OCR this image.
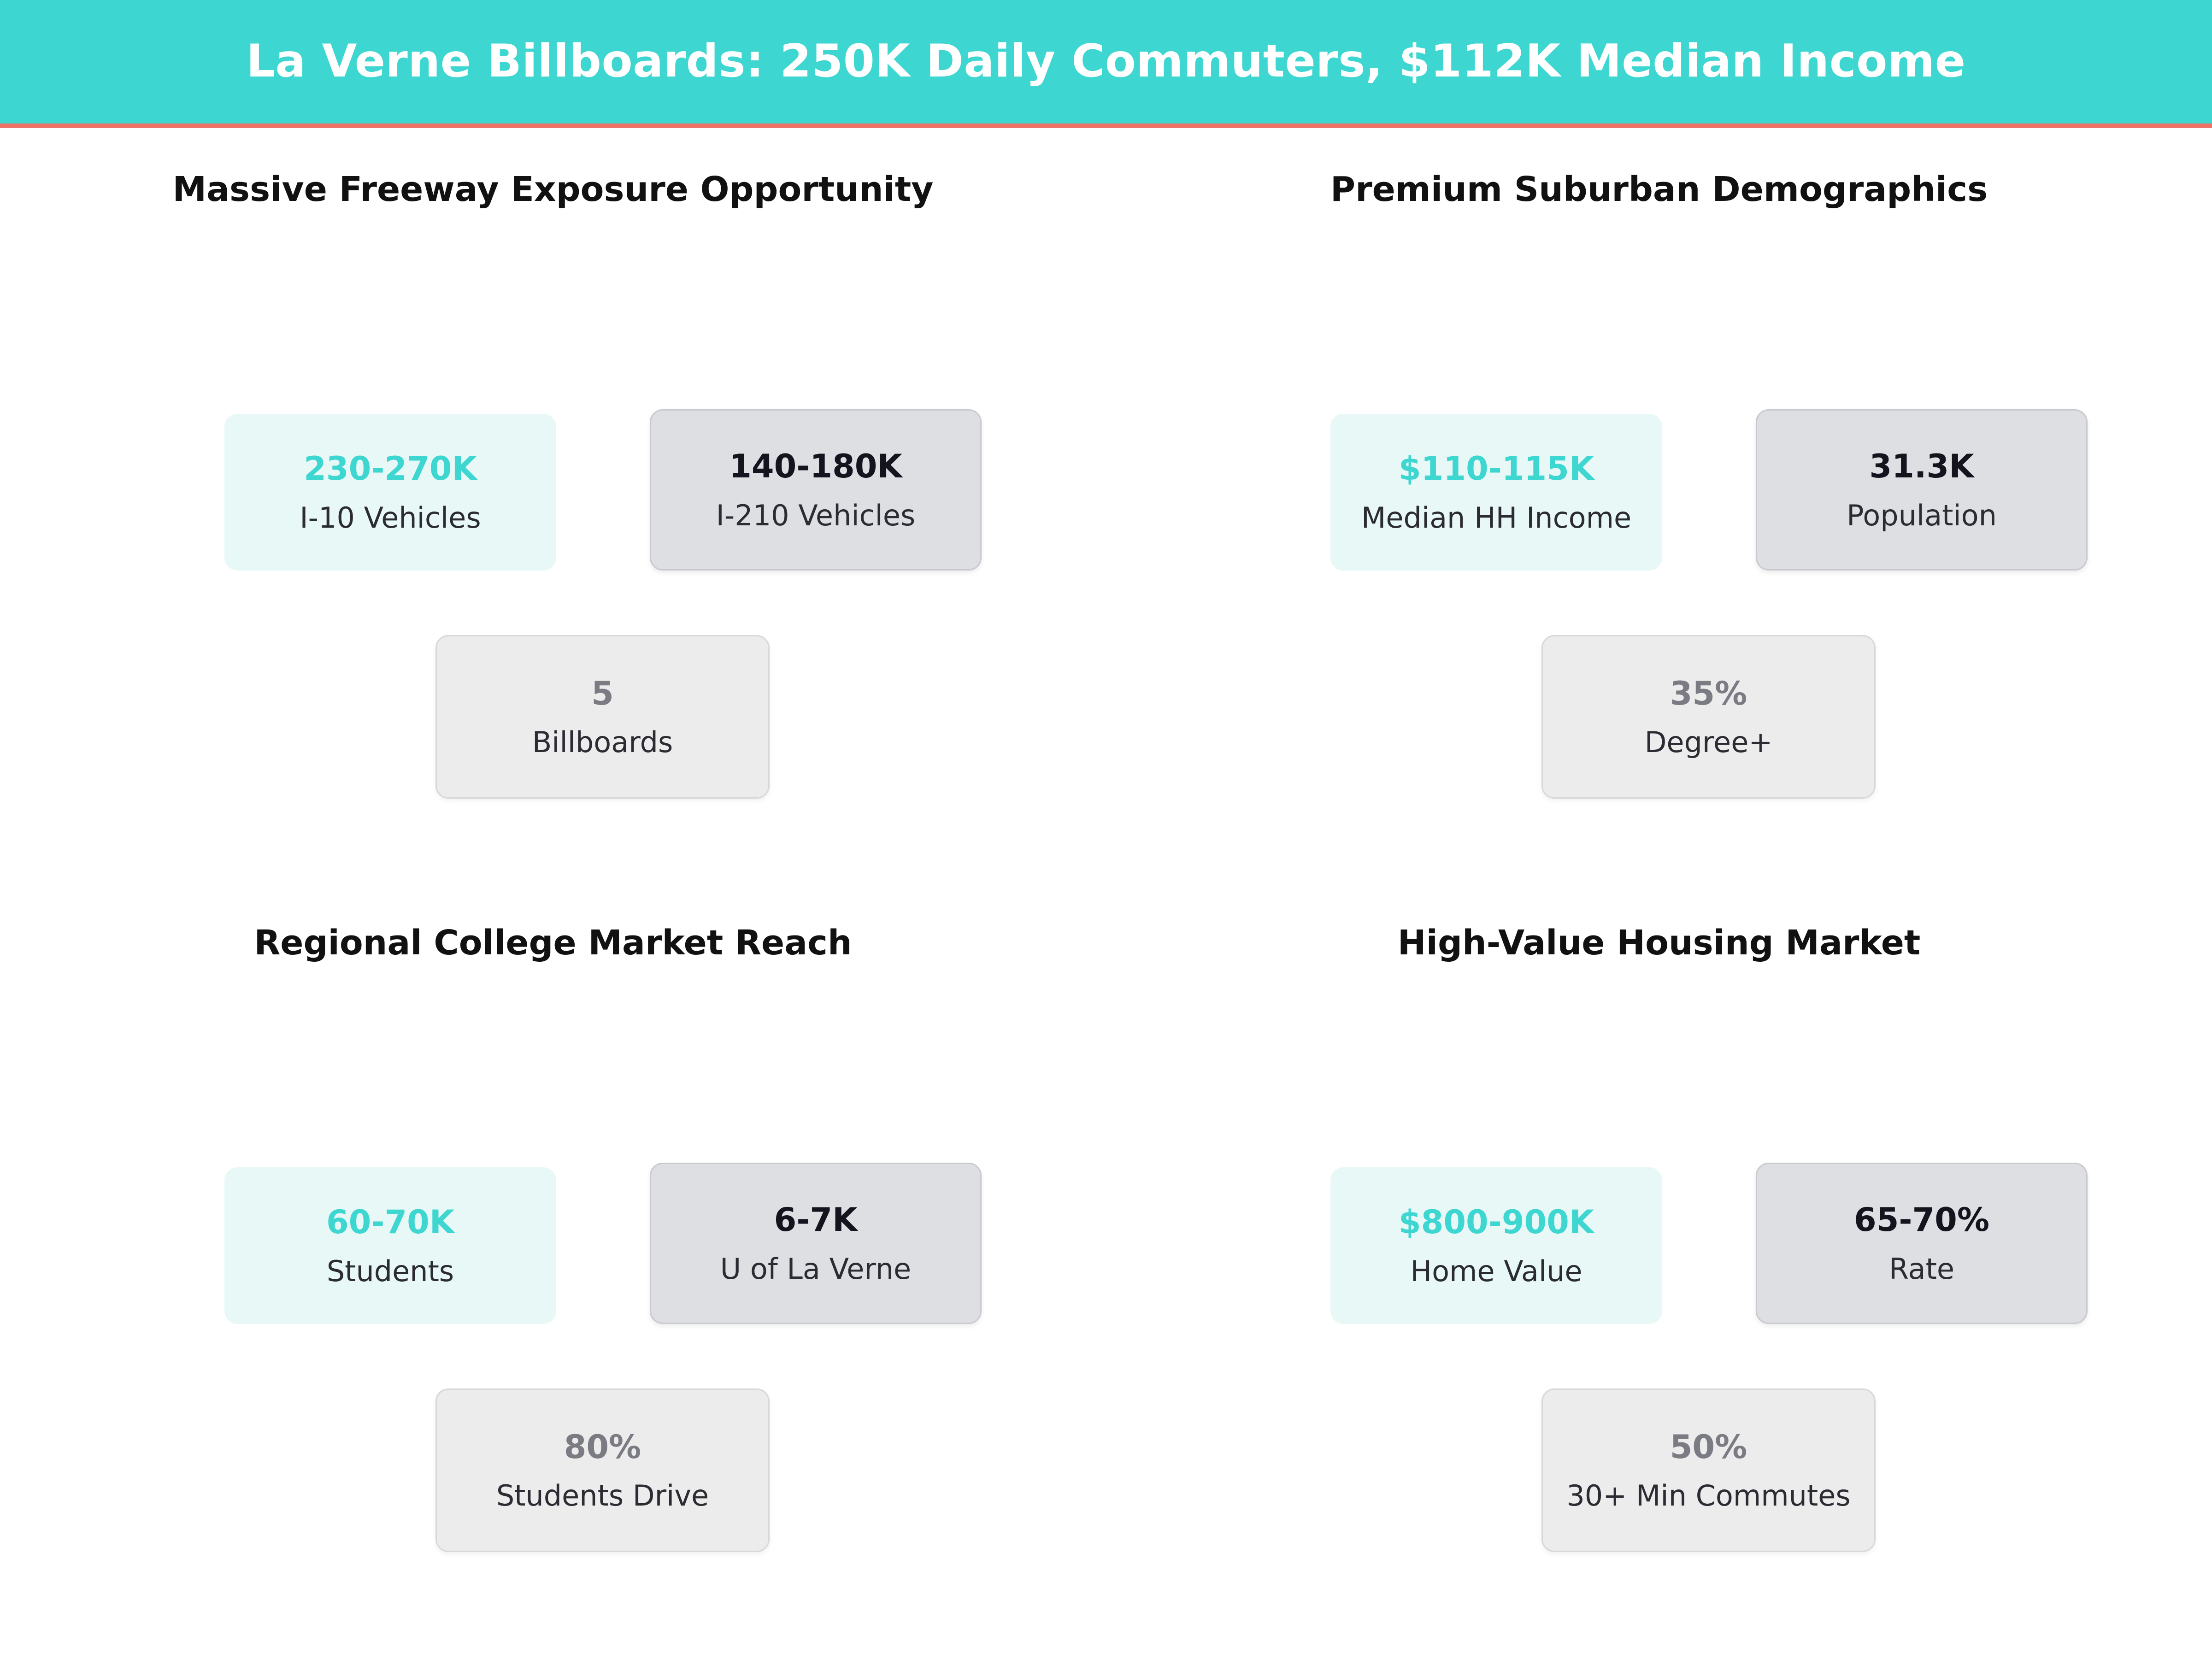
La Verne Billboards: 250K Daily Commuters, $112K Median Income
Massive Freeway Exposure Opportunity
230-270K
I-10 Vehicles
140-180K
I-210 Vehicles
5
Billboards
Premium Suburban Demographics
$110-115K
Median HH Income
31.3K
Population
35%
Degree+
Regional College Market Reach
60-70K
Students
6-7K
U of La Verne
80%
Students Drive
High-Value Housing Market
$800-900K
Home Value
65-70%
Rate
50%
30+ Min Commutes
